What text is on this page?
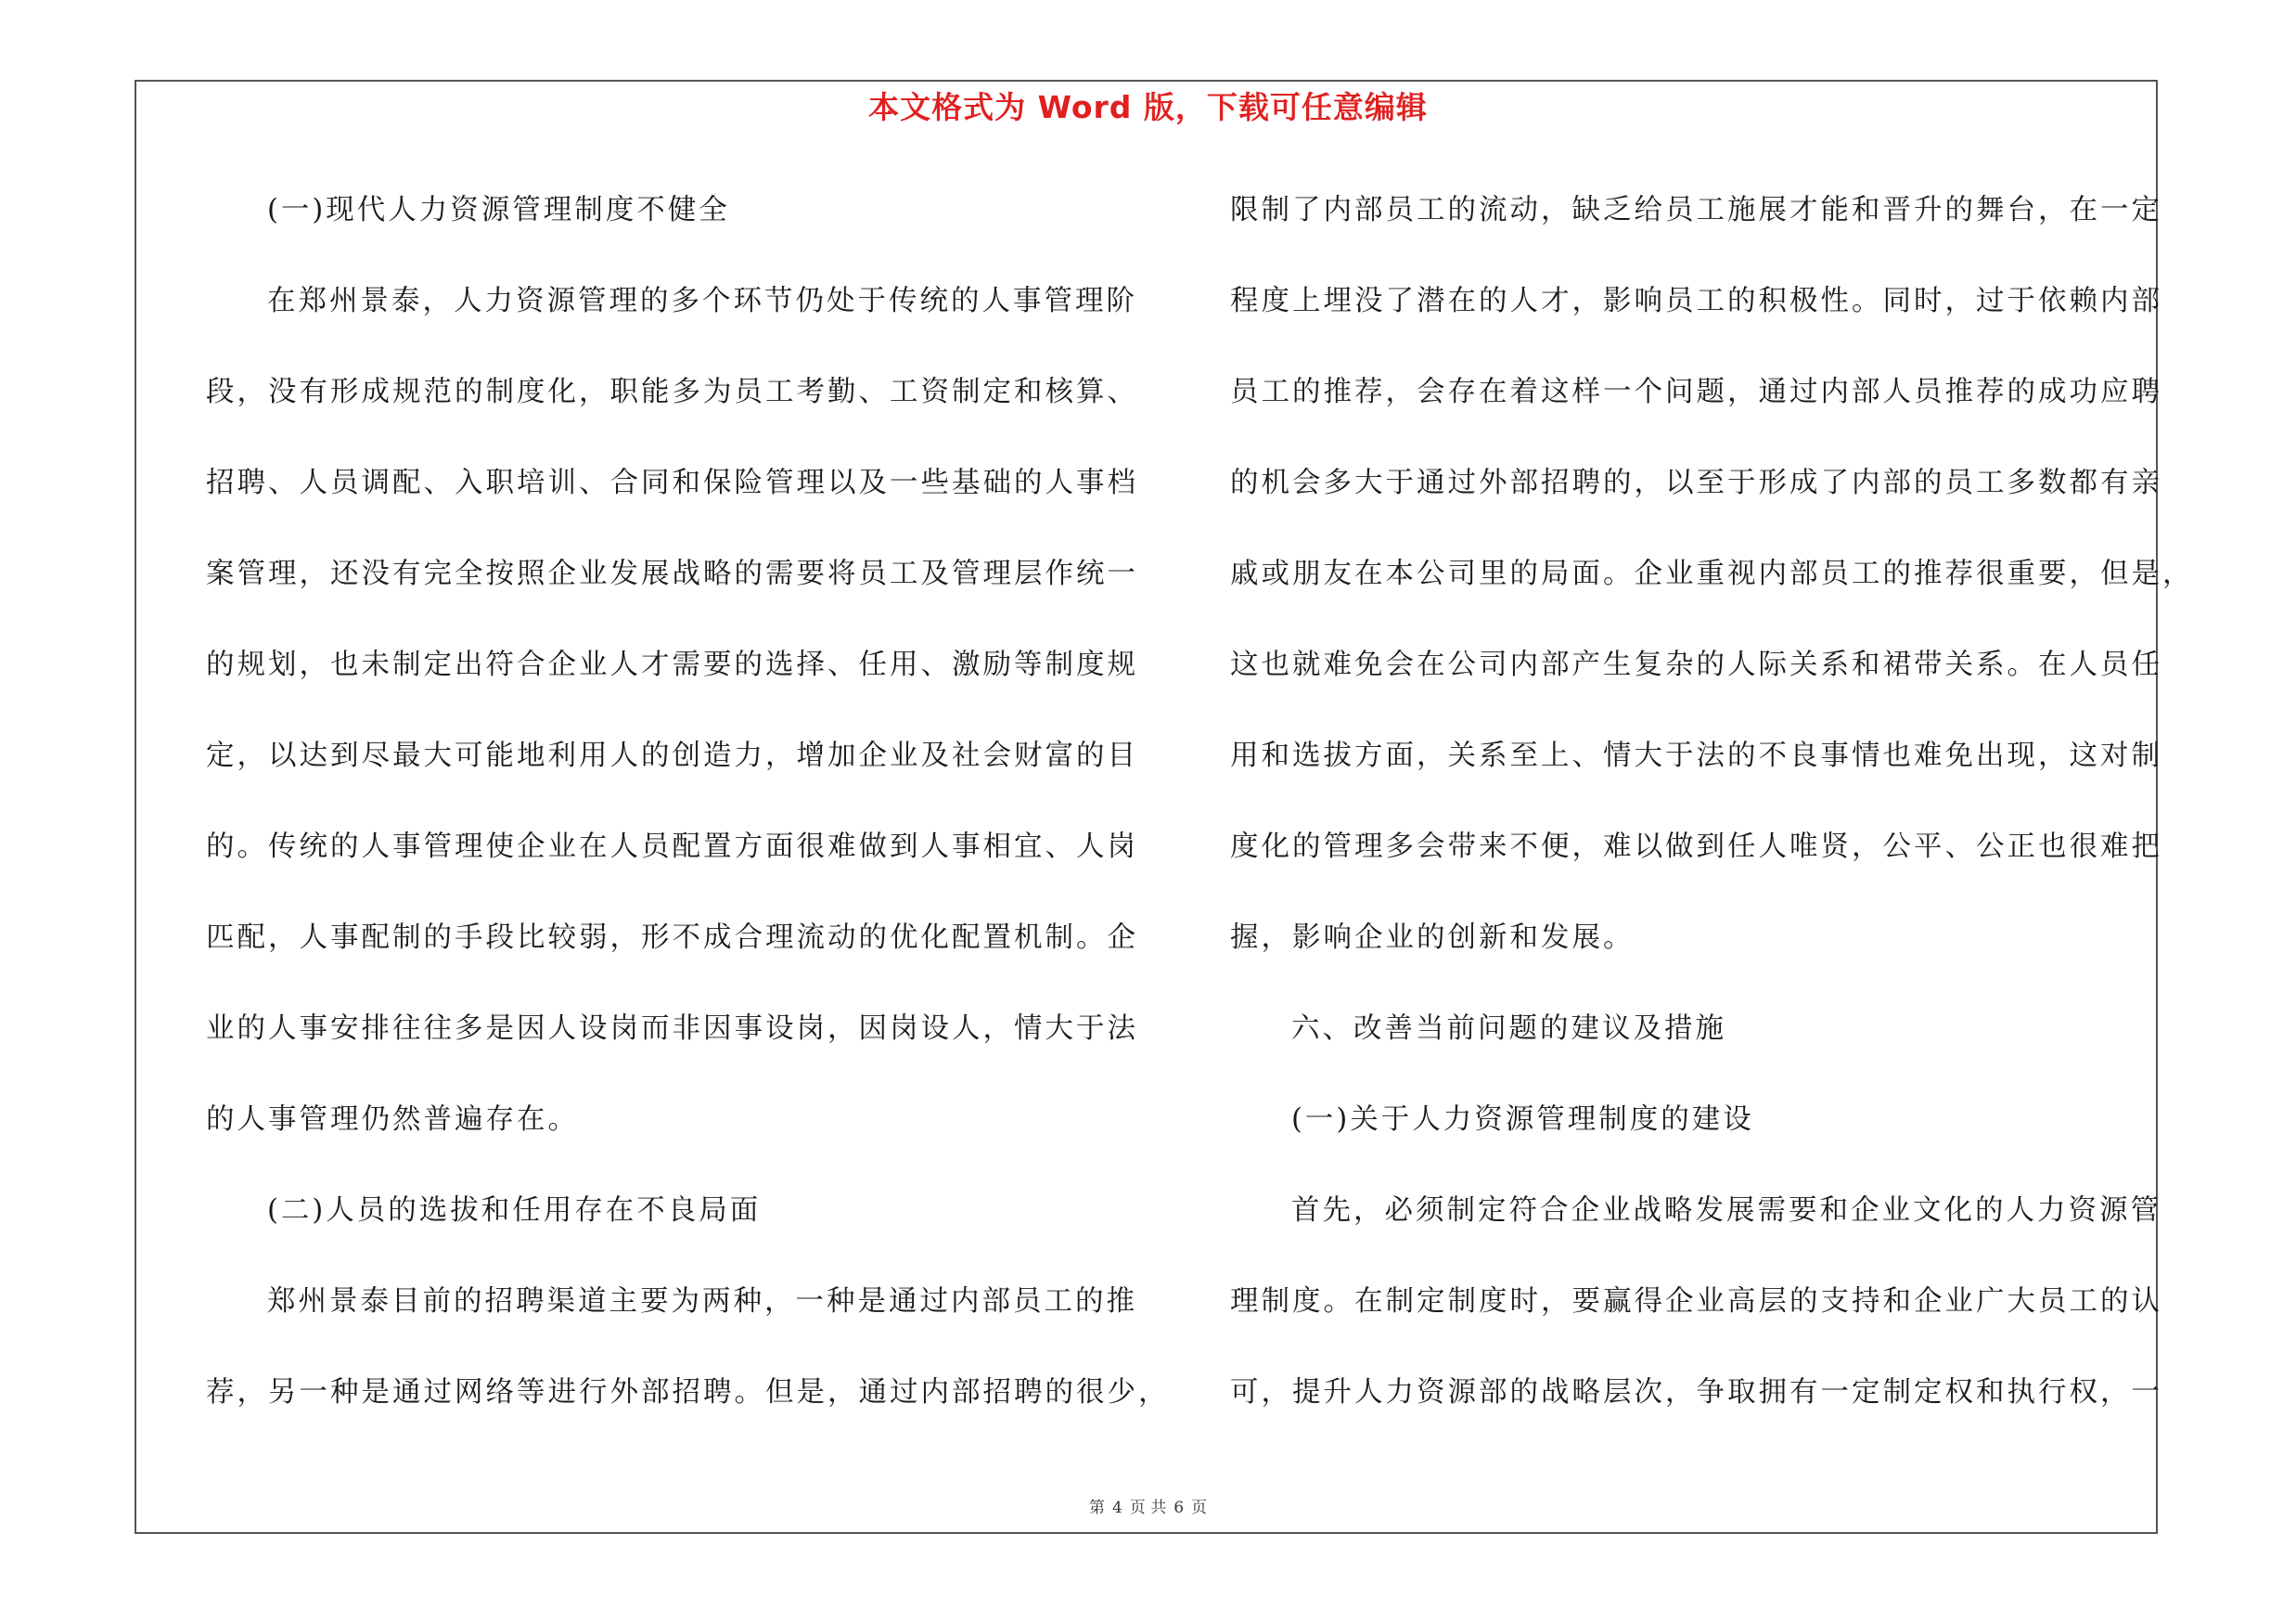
本文格式为 Word 版，下载可任意编辑
(一)现代人力资源管理制度不健全
在郑州景泰，人力资源管理的多个环节仍处于传统的人事管理阶
段，没有形成规范的制度化，职能多为员工考勤、工资制定和核算、
招聘、人员调配、入职培训、合同和保险管理以及一些基础的人事档
案管理，还没有完全按照企业发展战略的需要将员工及管理层作统一
的规划，也未制定出符合企业人才需要的选择、任用、激励等制度规
定，以达到尽最大可能地利用人的创造力，增加企业及社会财富的目
的。传统的人事管理使企业在人员配置方面很难做到人事相宜、人岗
匹配，人事配制的手段比较弱，形不成合理流动的优化配置机制。企
业的人事安排往往多是因人设岗而非因事设岗，因岗设人，情大于法
的人事管理仍然普遍存在。
(二)人员的选拔和任用存在不良局面
郑州景泰目前的招聘渠道主要为两种，一种是通过内部员工的推
荐，另一种是通过网络等进行外部招聘。但是，通过内部招聘的很少，
限制了内部员工的流动，缺乏给员工施展才能和晋升的舞台，在一定
程度上埋没了潜在的人才，影响员工的积极性。同时，过于依赖内部
员工的推荐，会存在着这样一个问题，通过内部人员推荐的成功应聘
的机会多大于通过外部招聘的，以至于形成了内部的员工多数都有亲
戚或朋友在本公司里的局面。企业重视内部员工的推荐很重要，但是，
这也就难免会在公司内部产生复杂的人际关系和裙带关系。在人员任
用和选拔方面，关系至上、情大于法的不良事情也难免出现，这对制
度化的管理多会带来不便，难以做到任人唯贤，公平、公正也很难把
握，影响企业的创新和发展。
六、改善当前问题的建议及措施
(一)关于人力资源管理制度的建设
首先，必须制定符合企业战略发展需要和企业文化的人力资源管
理制度。在制定制度时，要赢得企业高层的支持和企业广大员工的认
可，提升人力资源部的战略层次，争取拥有一定制定权和执行权，一
第 4 页 共 6 页
